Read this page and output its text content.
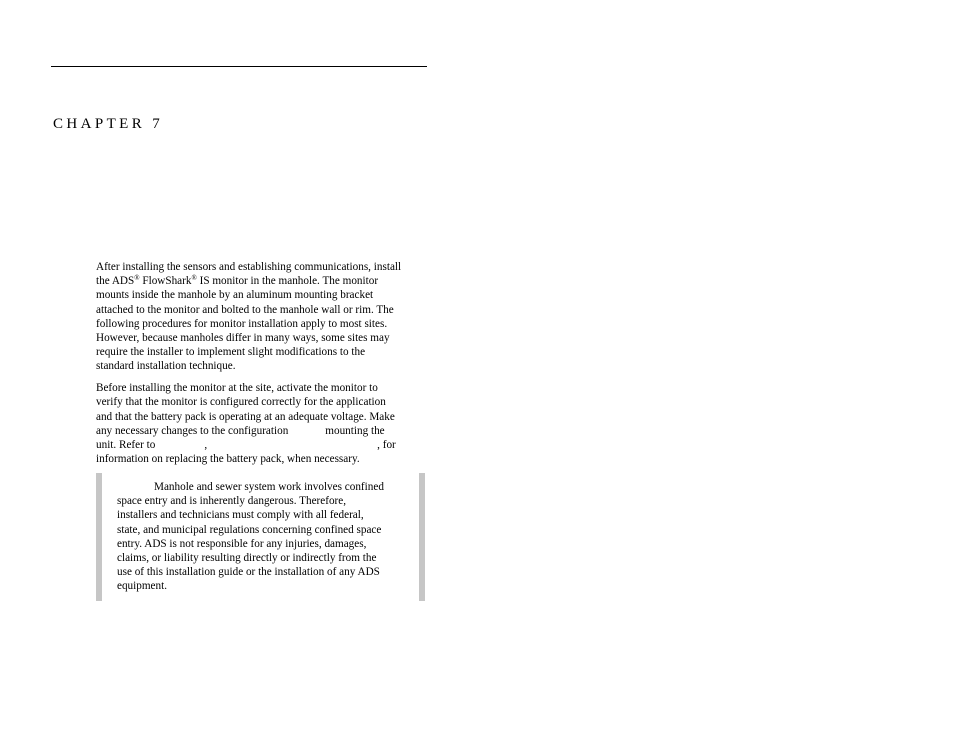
CHAPTER 7

After installing the sensors and establishing communications, install
the ADS® FlowShark® IS monitor in the manhole. The monitor
mounts inside the manhole by an aluminum mounting bracket
attached to the monitor and bolted to the manhole wall or rim. The
following procedures for monitor installation apply to most sites.
However, because manholes differ in many ways, some sites may
require the installer to implement slight modifications to the
standard installation technique.

Before installing the monitor at the site, activate the monitor to
verify that the monitor is configured correctly for the application
and that the battery pack is operating at an adequate voltage. Make
any necessary changes to the configuration	mounting the
unit. Refer to	,	, for
information on replacing the battery pack, when necessary.

Manhole and sewer system work involves confined
space entry and is inherently dangerous. Therefore,
installers and technicians must comply with all federal,
state, and municipal regulations concerning confined space
entry. ADS is not responsible for any injuries, damages,
claims, or liability resulting directly or indirectly from the
use of this installation guide or the installation of any ADS
equipment.
